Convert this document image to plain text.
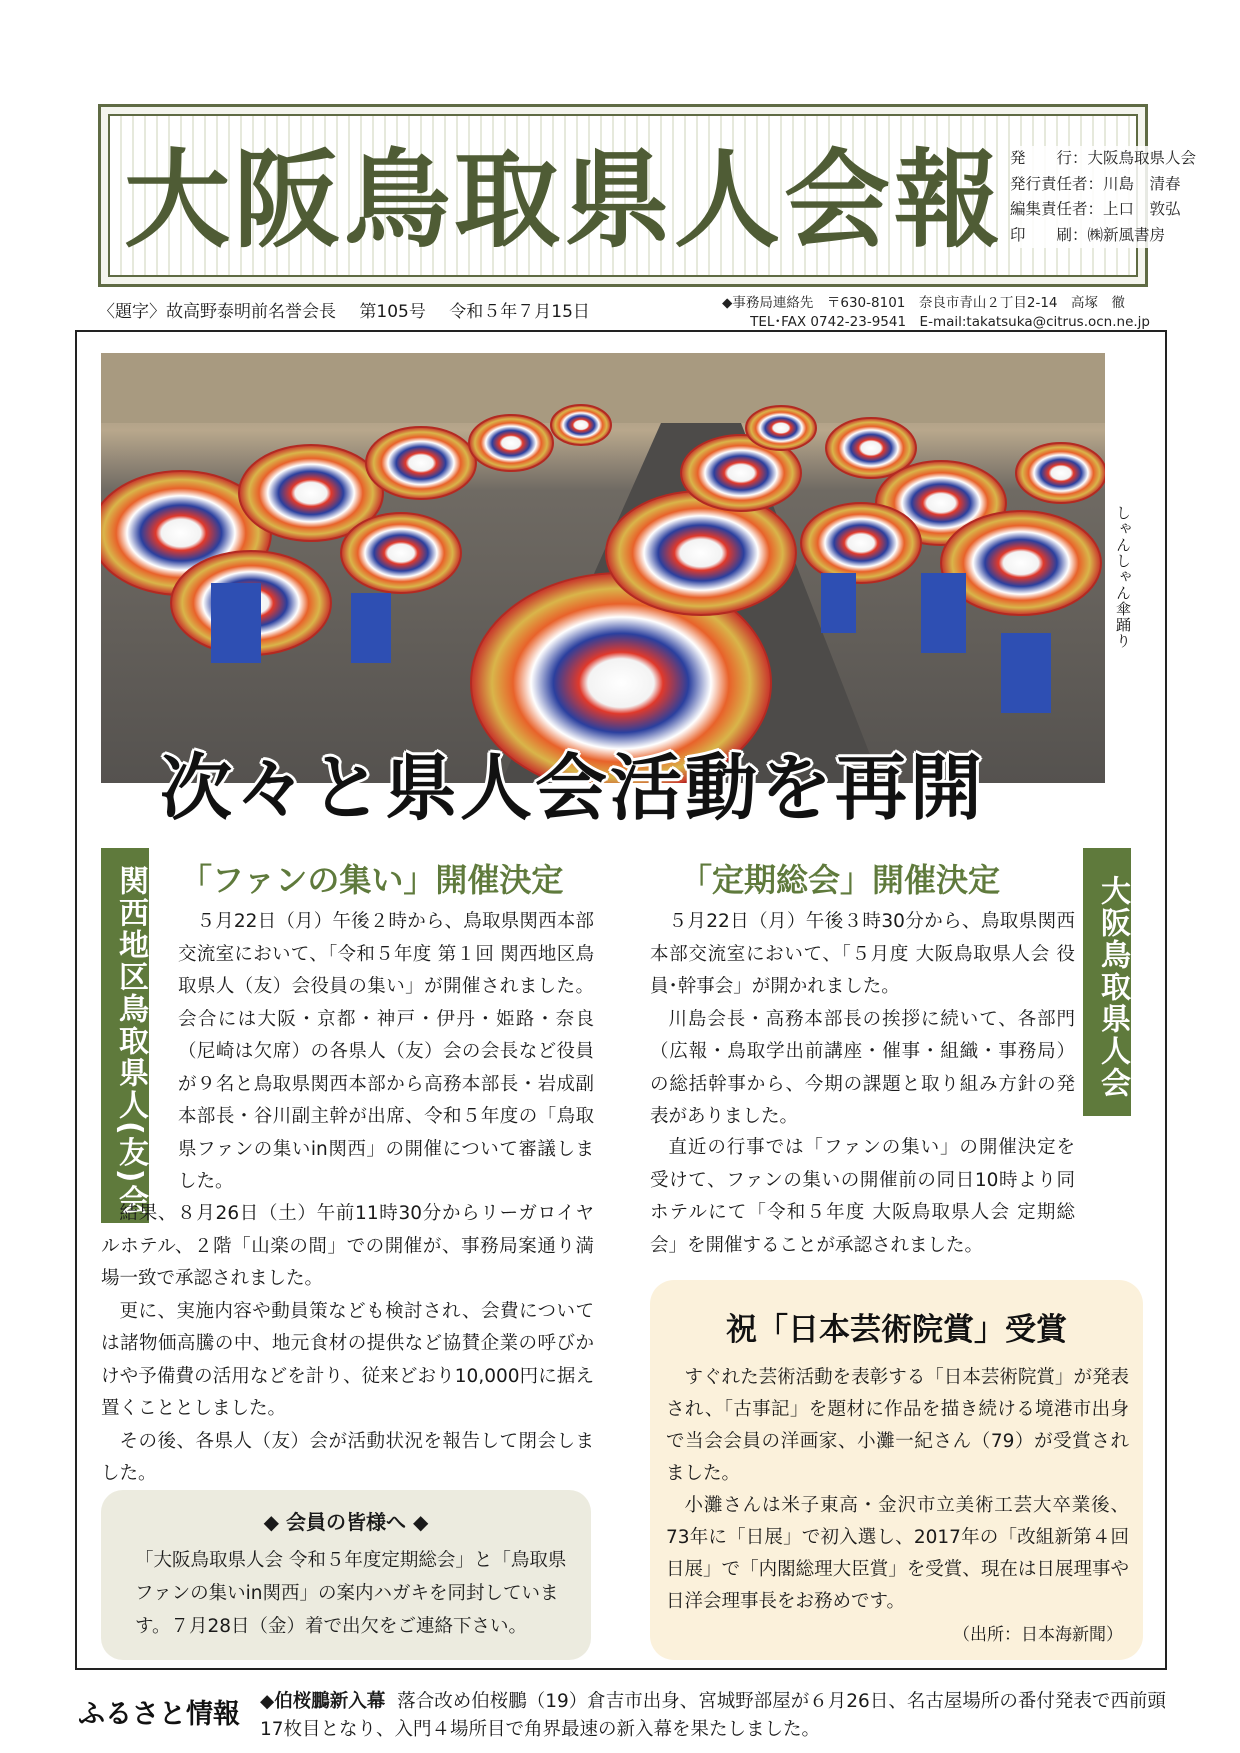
大阪鳥取県人会報 発　　行：大阪鳥取県人会
発行責任者：川島　清春
編集責任者：上口　敦弘
印　　刷：㈱新風書房
〈題字〉故高野泰明前名誉会長 第105号 令和５年７月15日	◆事務局連絡先　〒630-8101　奈良市青山２丁目2-14　高塚　徹
TEL･FAX 0742-23-9541　E-mail:takatsuka@citrus.ocn.ne.jp
しゃんしゃん傘踊り
次々と県人会活動を再開
関西地区鳥取県人(友)会 「ファンの集い」開催決定

５月22日（月）午後２時から、鳥取県関西本部交流室において、「令和５年度 第１回 関西地区鳥取県人（友）会役員の集い」が開催されました。会合には大阪・京都・神戸・伊丹・姫路・奈良（尼崎は欠席）の各県人（友）会の会長など役員が９名と鳥取県関西本部から高務本部長・岩成副本部長・谷川副主幹が出席、令和５年度の「鳥取県ファンの集いin関西」の開催について審議しました。

結果、８月26日（土）午前11時30分からリーガロイヤルホテル、２階「山楽の間」での開催が、事務局案通り満場一致で承認されました。

更に、実施内容や動員策なども検討され、会費については諸物価高騰の中、地元食材の提供など協賛企業の呼びかけや予備費の活用などを計り、従来どおり10,000円に据え置くこととしました。

その後、各県人（友）会が活動状況を報告して閉会しました。

◆ 会員の皆様へ ◆
「大阪鳥取県人会 令和５年度定期総会」と「鳥取県ファンの集いin関西」の案内ハガキを同封しています。７月28日（金）着で出欠をご連絡下さい。
大阪鳥取県人会
「定期総会」開催決定

５月22日（月）午後３時30分から、鳥取県関西本部交流室において、「５月度 大阪鳥取県人会 役員･幹事会」が開かれました。

川島会長・高務本部長の挨拶に続いて、各部門（広報・鳥取学出前講座・催事・組織・事務局）の総括幹事から、今期の課題と取り組み方針の発表がありました。

直近の行事では「ファンの集い」の開催決定を受けて、ファンの集いの開催前の同日10時より同ホテルにて「令和５年度 大阪鳥取県人会 定期総会」を開催することが承認されました。

祝「日本芸術院賞」受賞

すぐれた芸術活動を表彰する「日本芸術院賞」が発表され、「古事記」を題材に作品を描き続ける境港市出身で当会会員の洋画家、小灘一紀さん（79）が受賞されました。

小灘さんは米子東高・金沢市立美術工芸大卒業後、73年に「日展」で初入選し、2017年の「改組新第４回 日展」で「内閣総理大臣賞」を受賞、現在は日展理事や日洋会理事長をお務めです。

（出所：日本海新聞）
ふるさと情報 ◆伯桜鵬新入幕 落合改め伯桜鵬（19）倉吉市出身、宮城野部屋が６月26日、名古屋場所の番付発表で西前頭17枚目となり、入門４場所目で角界最速の新入幕を果たしました。
